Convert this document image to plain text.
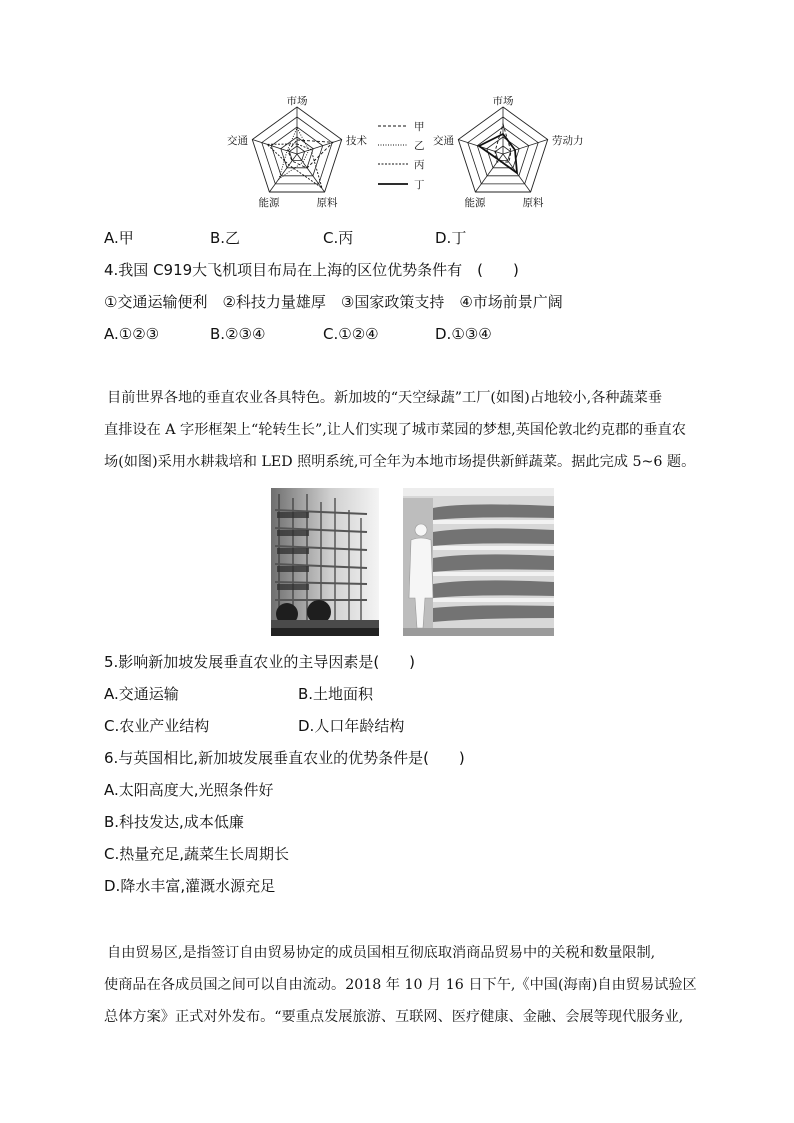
市场
技术
原料
能源
交通
甲
乙
丙
丁
市场
劳动力
原料
能源
交通
A.甲	B.乙	C.丙	D.丁
4.我国 C919大飞机项目布局在上海的区位优势条件有　(　　)
①交通运输便利　②科技力量雄厚　③国家政策支持　④市场前景广阔
A.①②③	B.②③④	C.①②④	D.①③④
目前世界各地的垂直农业各具特色。新加坡的“天空绿蔬”工厂(如图)占地较小,各种蔬菜垂
直排设在 A 字形框架上“轮转生长”,让人们实现了城市菜园的梦想,英国伦敦北约克郡的垂直农
场(如图)采用水耕栽培和 LED 照明系统,可全年为本地市场提供新鲜蔬菜。据此完成 5~6 题。
5.影响新加坡发展垂直农业的主导因素是(　　)
A.交通运输	B.土地面积
C.农业产业结构	D.人口年龄结构
6.与英国相比,新加坡发展垂直农业的优势条件是(　　)
A.太阳高度大,光照条件好
B.科技发达,成本低廉
C.热量充足,蔬菜生长周期长
D.降水丰富,灌溉水源充足
自由贸易区,是指签订自由贸易协定的成员国相互彻底取消商品贸易中的关税和数量限制,
使商品在各成员国之间可以自由流动。2018 年 10 月 16 日下午,《中国(海南)自由贸易试验区
总体方案》正式对外发布。“要重点发展旅游、互联网、医疗健康、金融、会展等现代服务业,
